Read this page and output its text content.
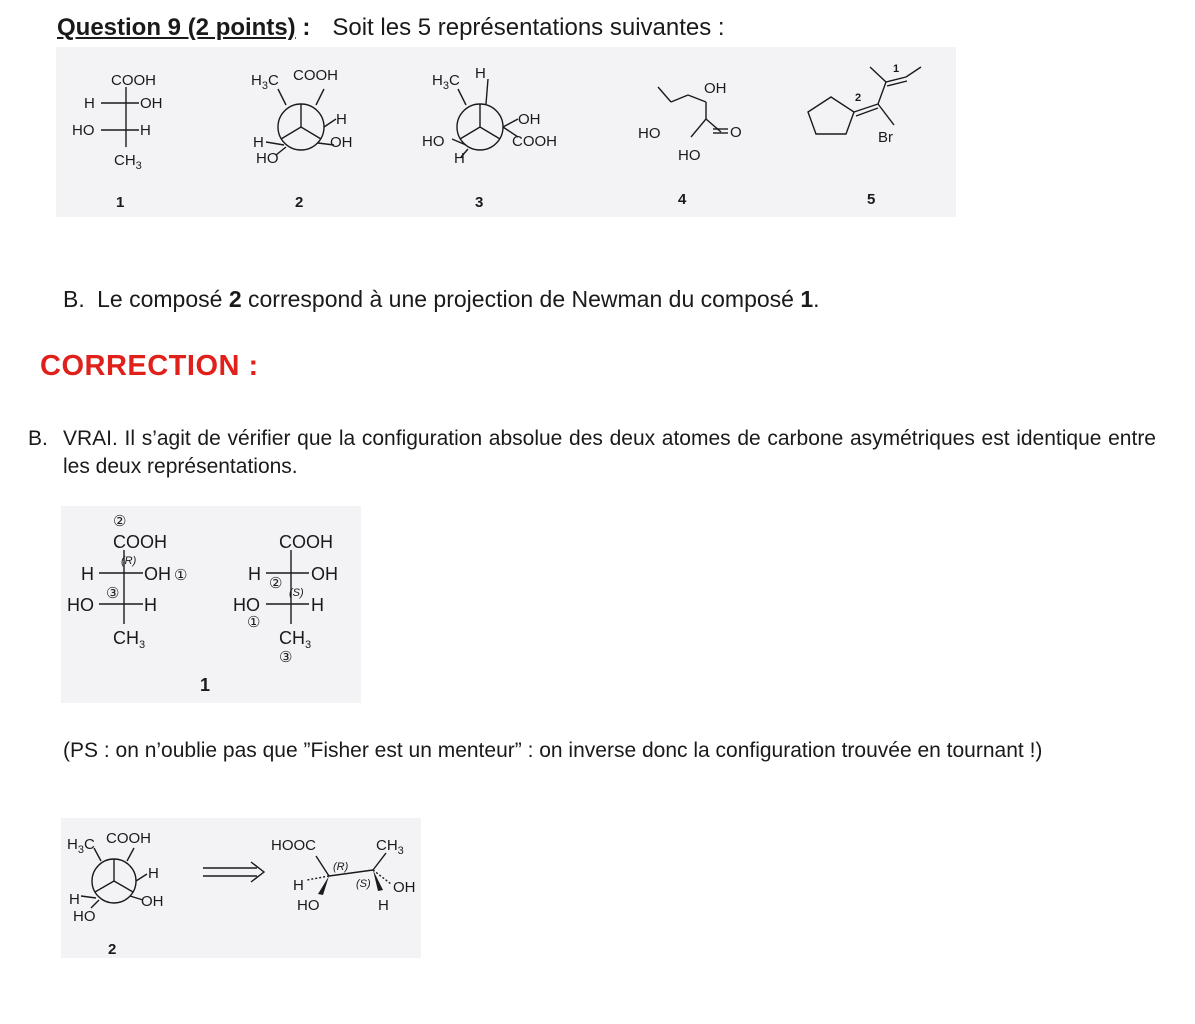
Question 9 (2 points) : Soit les 5 représentations suivantes :
COOH
H	OH
HO	H
$CH_3$
1
$H_3C$ COOH
H
OH
H
HO
2
$H_3C$ H
OH
COOH
HO
H
3
OH
HO	O
HO
4
1
2
Br
5
B. Le composé 2 correspond à une projection de Newman du composé 1.
CORRECTION :
B. VRAI. Il s’agit de vérifier que la configuration absolue des deux atomes de carbone asymétriques est identique entre les deux représentations.
②
COOH
(R)
H	OH ①
③
HO	H
$CH_3$
1
COOH
H	OH
②
(S)
HO	H
①
$CH_3$
③
(PS : on n’oublie pas que ”Fisher est un menteur” : on inverse donc la configuration trouvée en tournant !)
$H_3C$ COOH
H
OH
H
HO
2
HOOC	$CH_3$
(R)
(S)
H
HO
OH
H
